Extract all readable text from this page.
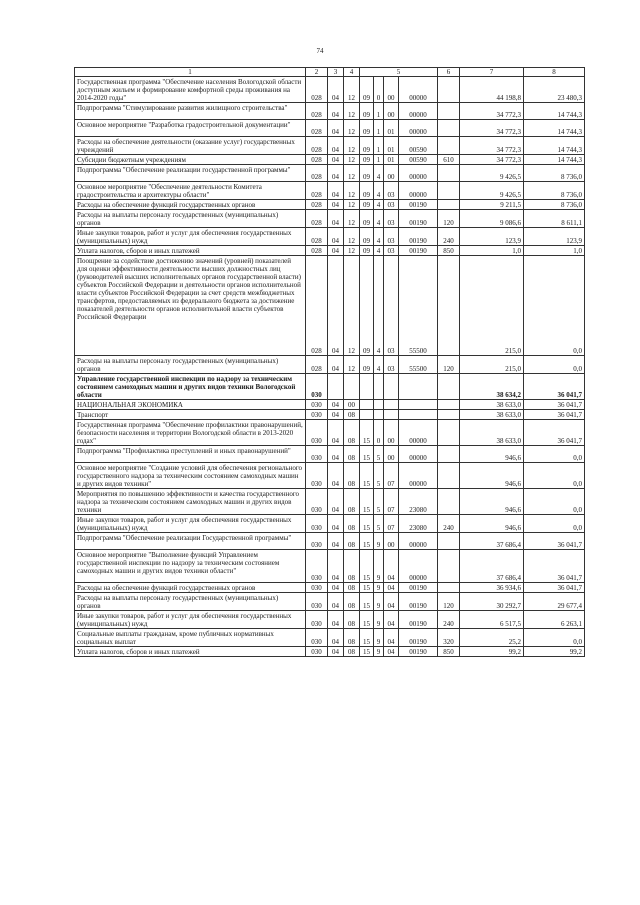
74
1	2	3	4	5				6	7	8
Государственная программа "Обеспечение населения Вологодской области доступным жильем и формирование комфортной среды проживания на 2014-2020 годы"	028	04	12	09	0	00	00000		44 198,8	23 480,3
Подпрограмма "Стимулирование развития жилищного строительства"	028	04	12	09	1	00	00000		34 772,3	14 744,3
Основное мероприятие "Разработка градостроительной документации"	028	04	12	09	1	01	00000		34 772,3	14 744,3
Расходы на обеспечение деятельности (оказание услуг) государственных учреждений	028	04	12	09	1	01	00590		34 772,3	14 744,3
Субсидии бюджетным учреждениям	028	04	12	09	1	01	00590	610	34 772,3	14 744,3
Подпрограмма "Обеспечение реализации государственной программы"	028	04	12	09	4	00	00000		9 426,5	8 736,0
Основное мероприятие "Обеспечение деятельности Комитета градостроительства и архитектуры области"	028	04	12	09	4	03	00000		9 426,5	8 736,0
Расходы на обеспечение функций государственных органов	028	04	12	09	4	03	00190		9 211,5	8 736,0
Расходы на выплаты персоналу государственных (муниципальных) органов	028	04	12	09	4	03	00190	120	9 086,6	8 611,1
Иные закупки товаров, работ и услуг для обеспечения государственных (муниципальных) нужд	028	04	12	09	4	03	00190	240	123,9	123,9
Уплата налогов, сборов и иных платежей	028	04	12	09	4	03	00190	850	1,0	1,0
Поощрение за содействие достижению значений (уровней) показателей для оценки эффективности деятельности высших должностных лиц (руководителей высших исполнительных органов государственной власти) субъектов Российской Федерации и деятельности органов исполнительной власти субъектов Российской Федерации за счет средств межбюджетных трансфертов, предоставляемых из федерального бюджета за достижение показателей деятельности органов исполнительной власти субъектов Российской Федерации	028	04	12	09	4	03	55500		215,0	0,0
Расходы на выплаты персоналу государственных (муниципальных) органов	028	04	12	09	4	03	55500	120	215,0	0,0
Управление государственной инспекции по надзору за техническим состоянием самоходных машин и других видов техники Вологодской области	030								38 634,2	36 041,7
НАЦИОНАЛЬНАЯ ЭКОНОМИКА	030	04	00						38 633,0	36 041,7
Транспорт	030	04	08						38 633,0	36 041,7
Государственная программа "Обеспечение профилактики правонарушений, безопасности населения и территории Вологодской области в 2013-2020 годах"	030	04	08	15	0	00	00000		38 633,0	36 041,7
Подпрограмма "Профилактика преступлений и иных правонарушений"	030	04	08	15	5	00	00000		946,6	0,0
Основное мероприятие "Создание условий для обеспечения регионального государственного надзора за техническим состоянием самоходных машин и других видов техники"	030	04	08	15	5	07	00000		946,6	0,0
Мероприятия по повышению эффективности и качества государственного надзора за техническим состоянием самоходных машин и других видов техники	030	04	08	15	5	07	23080		946,6	0,0
Иные закупки товаров, работ и услуг для обеспечения государственных (муниципальных) нужд	030	04	08	15	5	07	23080	240	946,6	0,0
Подпрограмма "Обеспечение реализации Государственной программы"	030	04	08	15	9	00	00000		37 686,4	36 041,7
Основное мероприятие "Выполнение функций Управлением государственной инспекции по надзору за техническим состоянием самоходных машин и других видов техники области"	030	04	08	15	9	04	00000		37 686,4	36 041,7
Расходы на обеспечение функций государственных органов	030	04	08	15	9	04	00190		36 934,6	36 041,7
Расходы на выплаты персоналу государственных (муниципальных) органов	030	04	08	15	9	04	00190	120	30 292,7	29 677,4
Иные закупки товаров, работ и услуг для обеспечения государственных (муниципальных) нужд	030	04	08	15	9	04	00190	240	6 517,5	6 263,1
Социальные выплаты гражданам, кроме публичных нормативных социальных выплат	030	04	08	15	9	04	00190	320	25,2	0,0
Уплата налогов, сборов и иных платежей	030	04	08	15	9	04	00190	850	99,2	99,2
